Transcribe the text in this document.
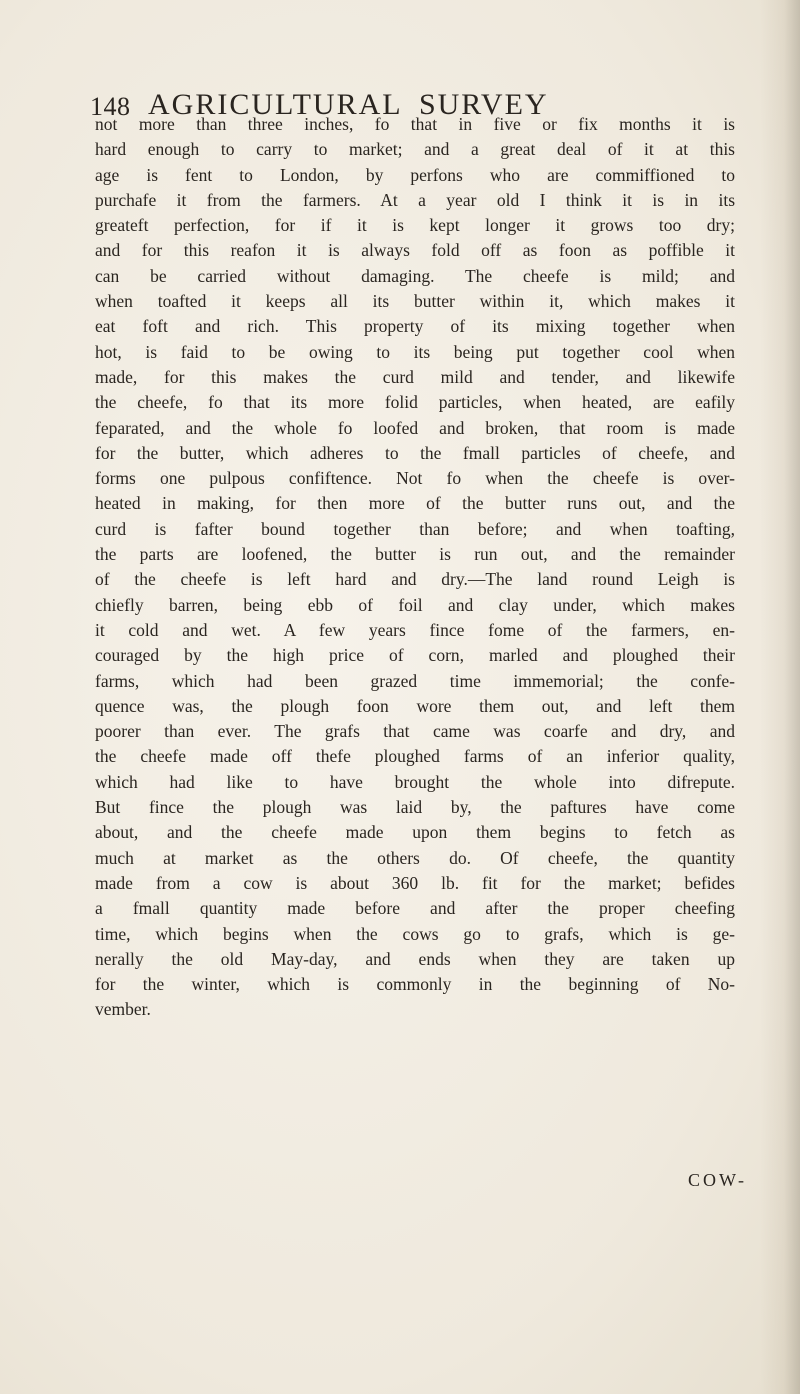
148 AGRICULTURAL SURVEY
not more than three inches, fo that in five or fix months it is
hard enough to carry to market; and a great deal of it at this
age is fent to London, by perfons who are commiffioned to
purchafe it from the farmers. At a year old I think it is in its
greateft perfection, for if it is kept longer it grows too dry;
and for this reafon it is always fold off as foon as poffible it
can be carried without damaging. The cheefe is mild; and
when toafted it keeps all its butter within it, which makes it
eat foft and rich. This property of its mixing together when
hot, is faid to be owing to its being put together cool when
made, for this makes the curd mild and tender, and likewife
the cheefe, fo that its more folid particles, when heated, are eafily
feparated, and the whole fo loofed and broken, that room is made
for the butter, which adheres to the fmall particles of cheefe, and
forms one pulpous confiftence. Not fo when the cheefe is over-
heated in making, for then more of the butter runs out, and the
curd is fafter bound together than before; and when toafting,
the parts are loofened, the butter is run out, and the remainder
of the cheefe is left hard and dry.—The land round Leigh is
chiefly barren, being ebb of foil and clay under, which makes
it cold and wet. A few years fince fome of the farmers, en-
couraged by the high price of corn, marled and ploughed their
farms, which had been grazed time immemorial; the confe-
quence was, the plough foon wore them out, and left them
poorer than ever. The grafs that came was coarfe and dry, and
the cheefe made off thefe ploughed farms of an inferior quality,
which had like to have brought the whole into difrepute.
But fince the plough was laid by, the paftures have come
about, and the cheefe made upon them begins to fetch as
much at market as the others do. Of cheefe, the quantity
made from a cow is about 360 lb. fit for the market; befides
a fmall quantity made before and after the proper cheefing
time, which begins when the cows go to grafs, which is ge-
nerally the old May-day, and ends when they are taken up
for the winter, which is commonly in the beginning of No-
vember.
COW-
